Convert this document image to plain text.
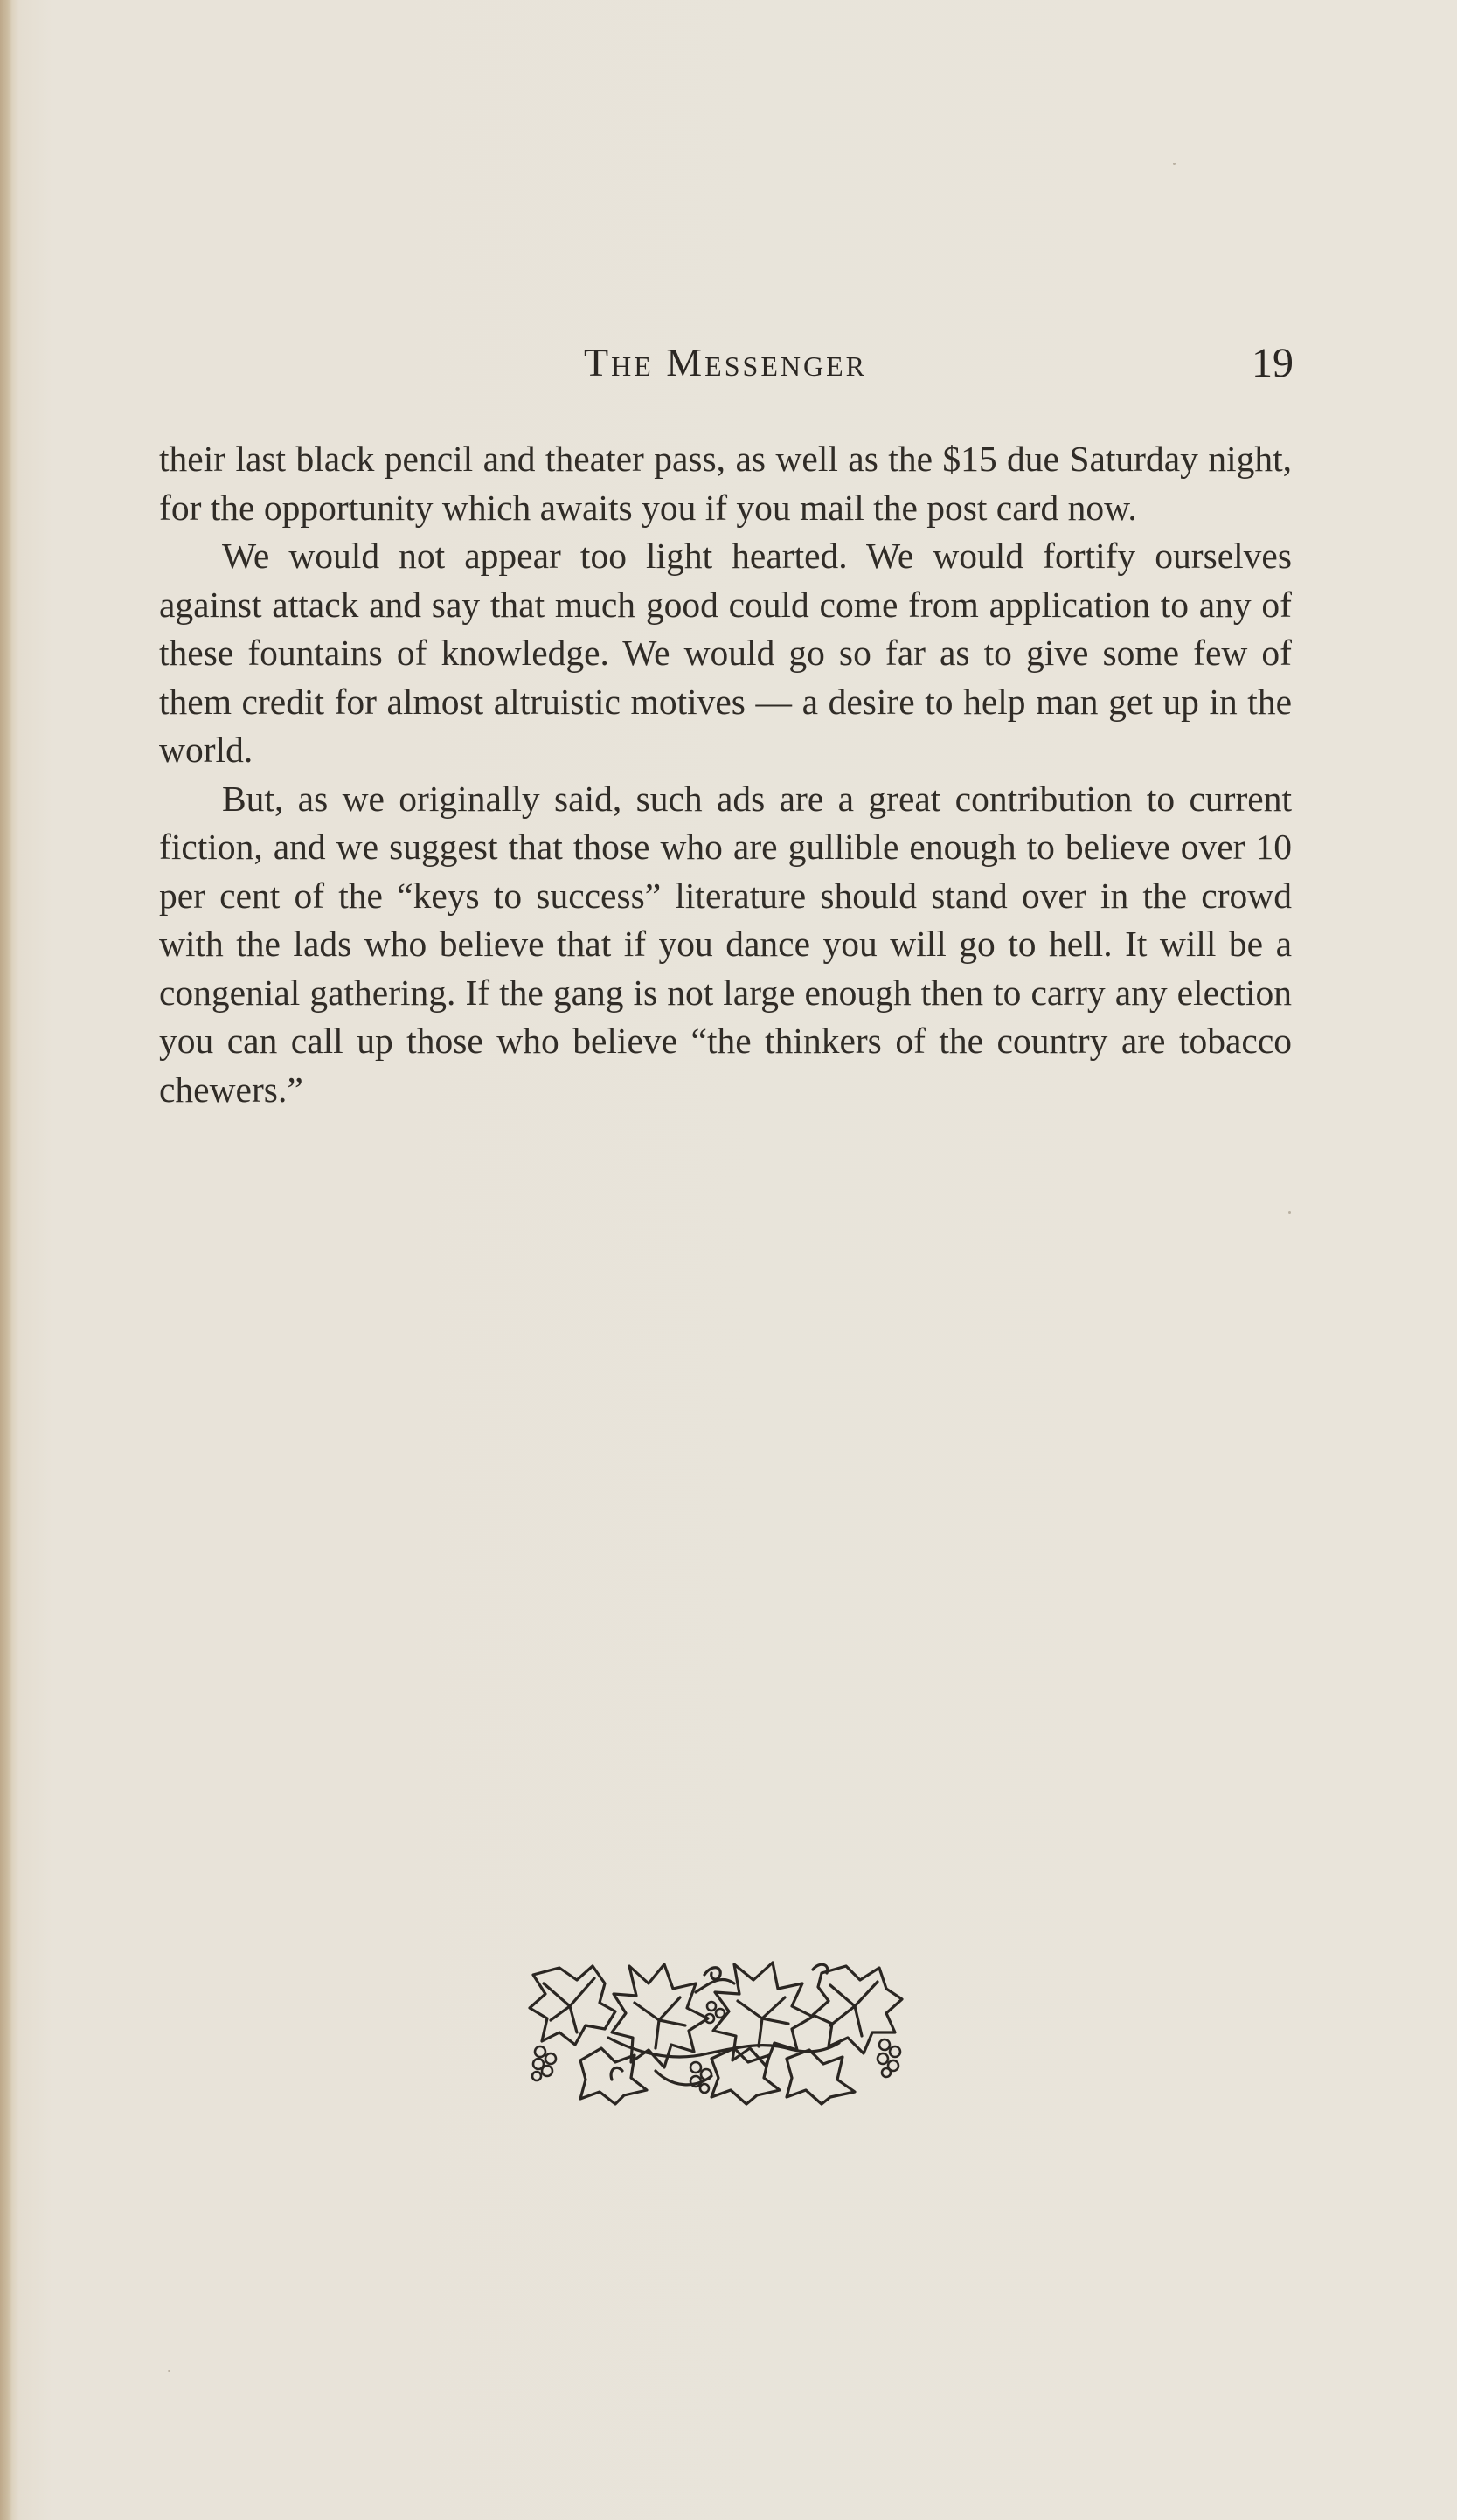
The Messenger	19

their last black pencil and theater pass, as well as the $15 due Saturday night, for the opportunity which awaits you if you mail the post card now.

We would not appear too light hearted. We would fortify ourselves against attack and say that much good could come from application to any of these fountains of knowledge. We would go so far as to give some few of them credit for almost altruistic motives — a desire to help man get up in the world.

But, as we originally said, such ads are a great contribution to current fiction, and we suggest that those who are gullible enough to believe over 10 per cent of the “keys to success” literature should stand over in the crowd with the lads who believe that if you dance you will go to hell. It will be a congenial gathering. If the gang is not large enough then to carry any election you can call up those who believe “the thinkers of the country are tobacco chewers.”
